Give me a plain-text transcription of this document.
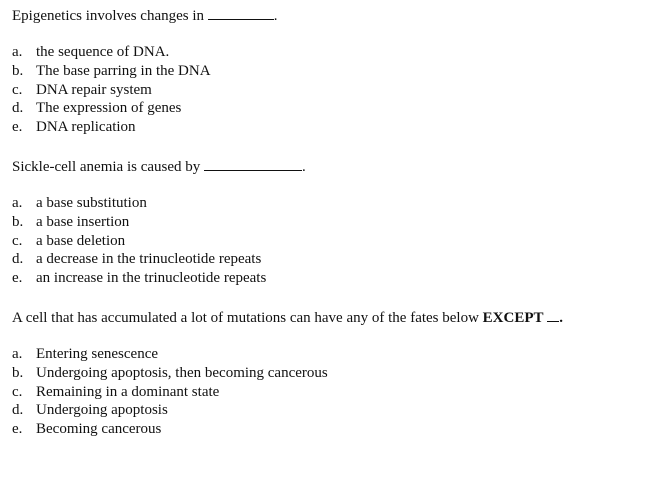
Epigenetics involves changes in	.
a. the sequence of DNA.
b. The base parring in the DNA
c. DNA repair system
d. The expression of genes
e. DNA replication
Sickle-cell anemia is caused by	.
a. a base substitution
b. a base insertion
c. a base deletion
d. a decrease in the trinucleotide repeats
e. an increase in the trinucleotide repeats
A cell that has accumulated a lot of mutations can have any of the fates below EXCEPT .
a. Entering senescence
b. Undergoing apoptosis, then becoming cancerous
c. Remaining in a dominant state
d. Undergoing apoptosis
e. Becoming cancerous
